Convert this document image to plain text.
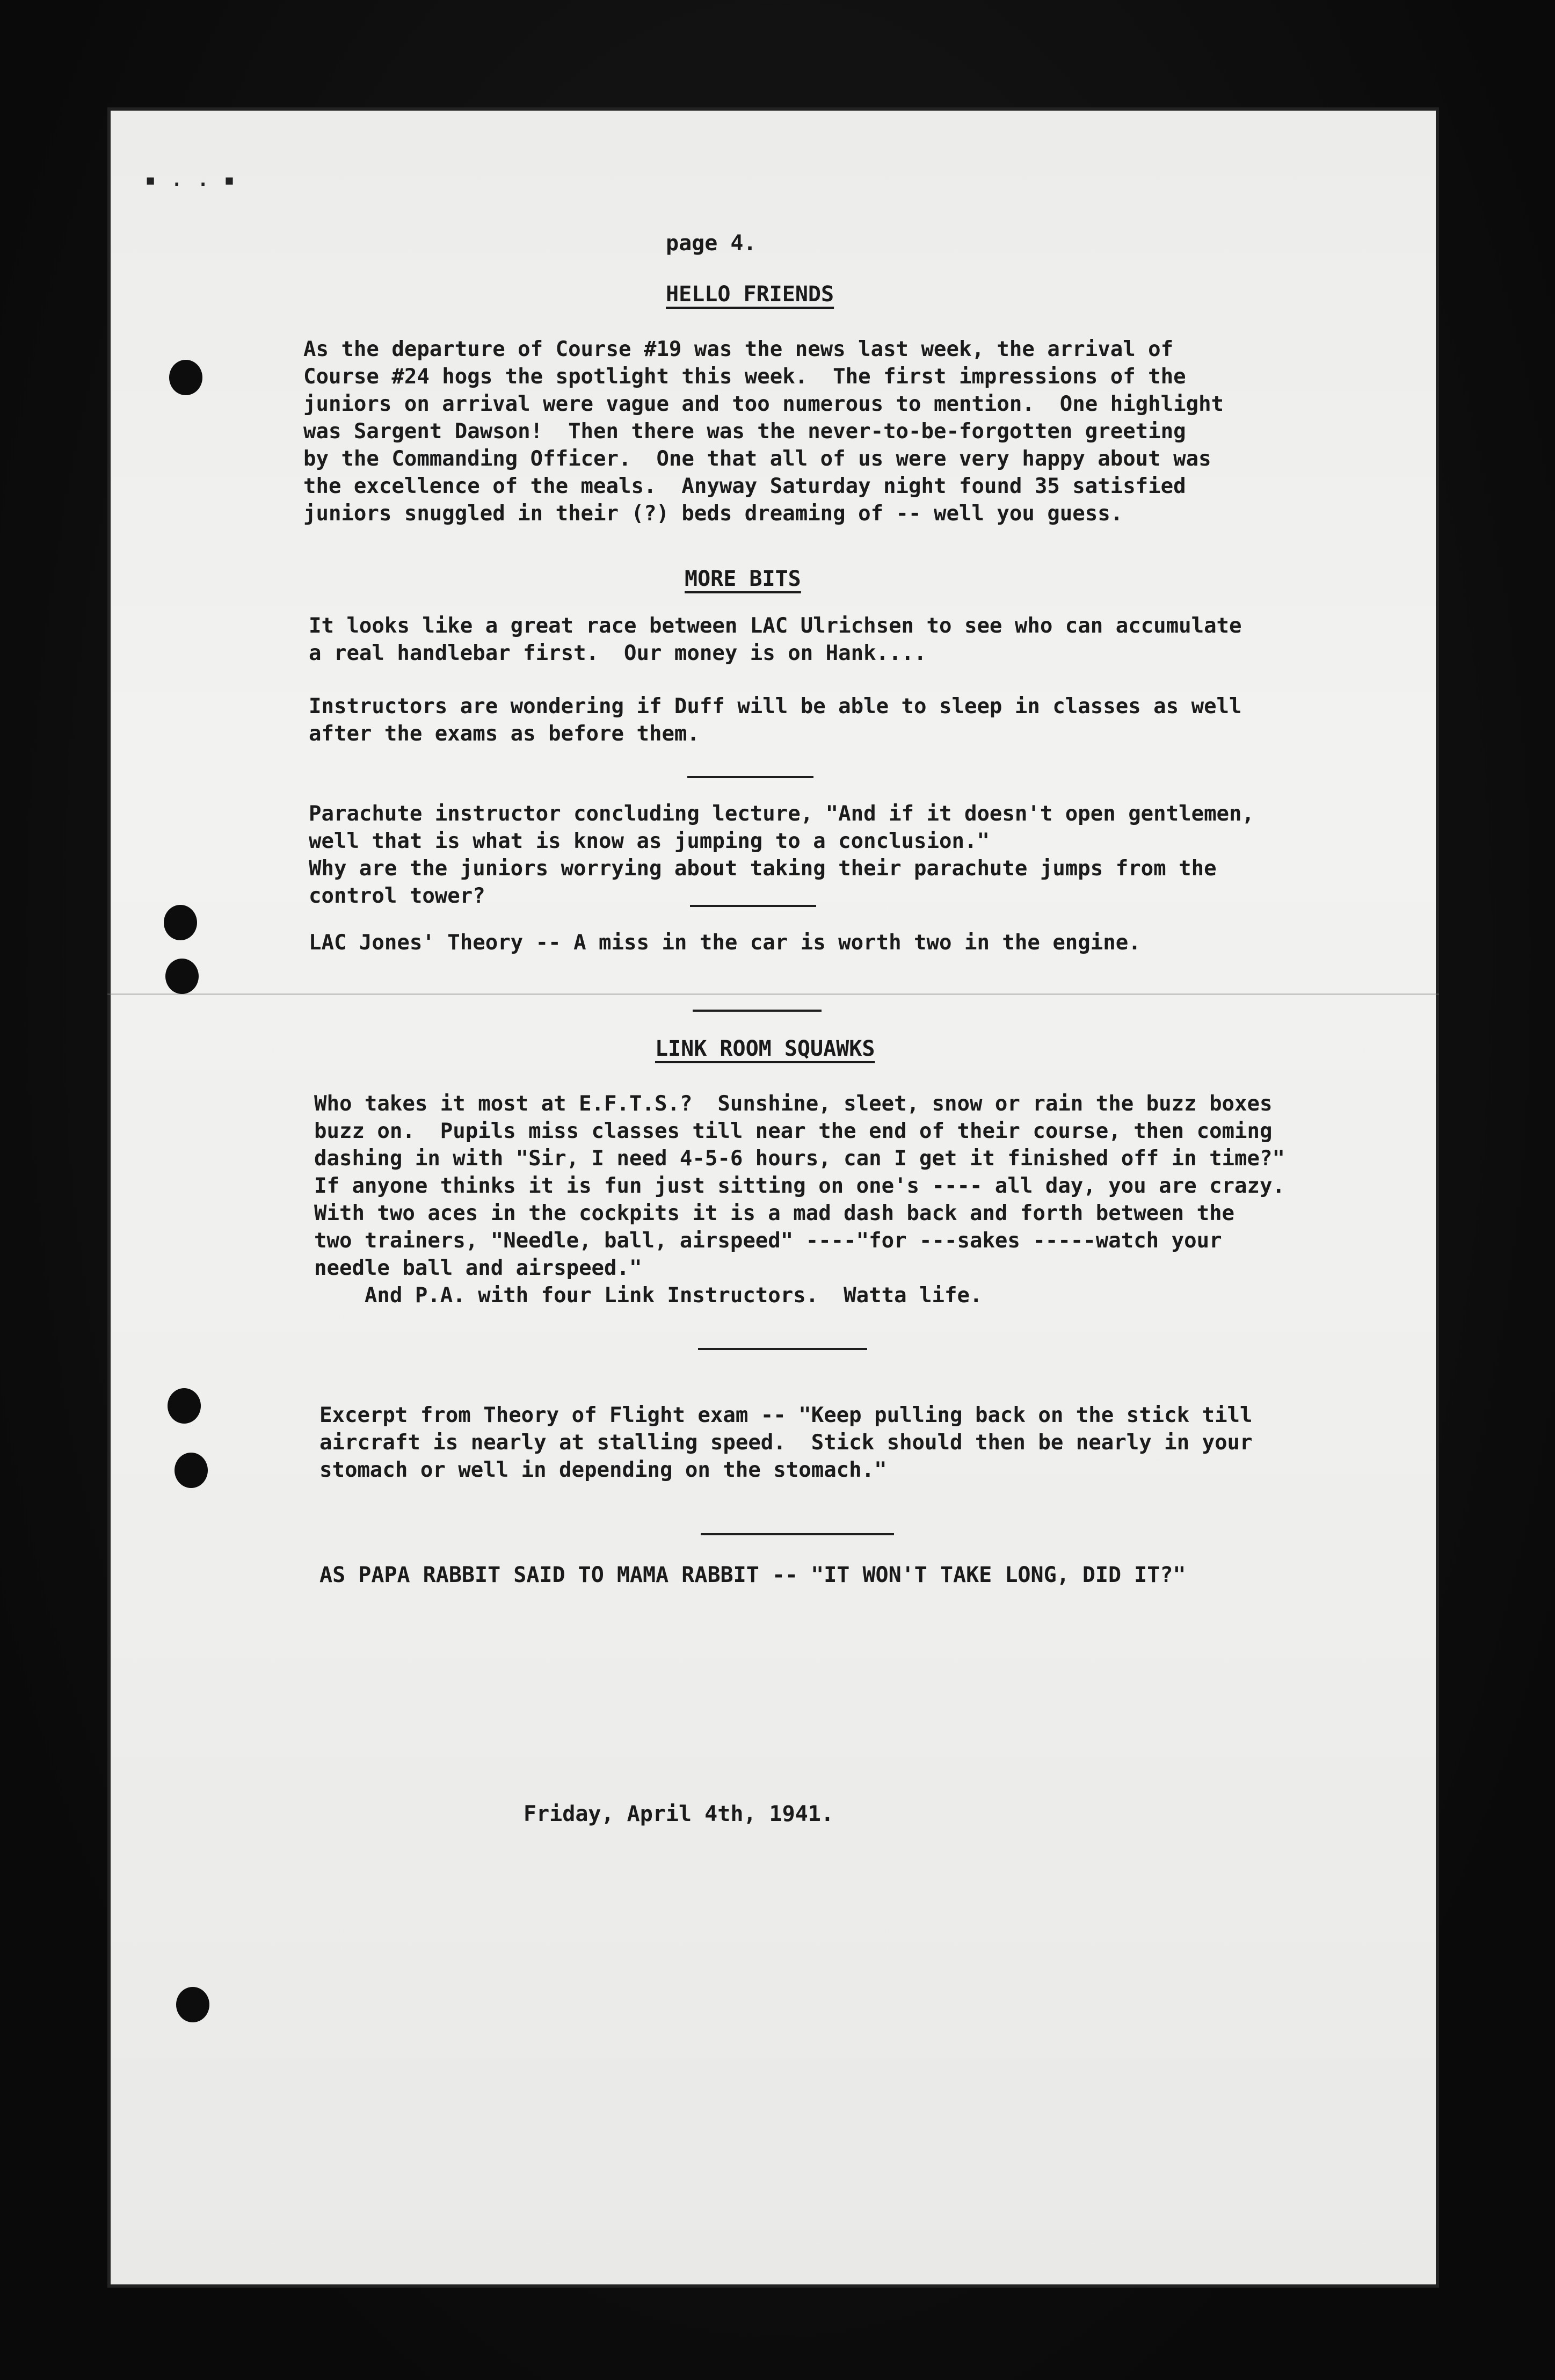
▪ . . ▪
page 4.
HELLO FRIENDS
As the departure of Course #19 was the news last week, the arrival of
Course #24 hogs the spotlight this week.  The first impressions of the
juniors on arrival were vague and too numerous to mention.  One highlight
was Sargent Dawson!  Then there was the never-to-be-forgotten greeting
by the Commanding Officer.  One that all of us were very happy about was
the excellence of the meals.  Anyway Saturday night found 35 satisfied
juniors snuggled in their (?) beds dreaming of -- well you guess.
MORE BITS
It looks like a great race between LAC Ulrichsen to see who can accumulate
a real handlebar first.  Our money is on Hank....
Instructors are wondering if Duff will be able to sleep in classes as well
after the exams as before them.
Parachute instructor concluding lecture, "And if it doesn't open gentlemen,
well that is what is know as jumping to a conclusion."
Why are the juniors worrying about taking their parachute jumps from the
control tower?
LAC Jones' Theory -- A miss in the car is worth two in the engine.
LINK ROOM SQUAWKS
Who takes it most at E.F.T.S.?  Sunshine, sleet, snow or rain the buzz boxes
buzz on.  Pupils miss classes till near the end of their course, then coming
dashing in with "Sir, I need 4-5-6 hours, can I get it finished off in time?"
If anyone thinks it is fun just sitting on one's ---- all day, you are crazy.
With two aces in the cockpits it is a mad dash back and forth between the
two trainers, "Needle, ball, airspeed" ----"for ---sakes -----watch your
needle ball and airspeed."
And P.A. with four Link Instructors.  Watta life.
Excerpt from Theory of Flight exam -- "Keep pulling back on the stick till
aircraft is nearly at stalling speed.  Stick should then be nearly in your
stomach or well in depending on the stomach."
AS PAPA RABBIT SAID TO MAMA RABBIT -- "IT WON'T TAKE LONG, DID IT?"
Friday, April 4th, 1941.
